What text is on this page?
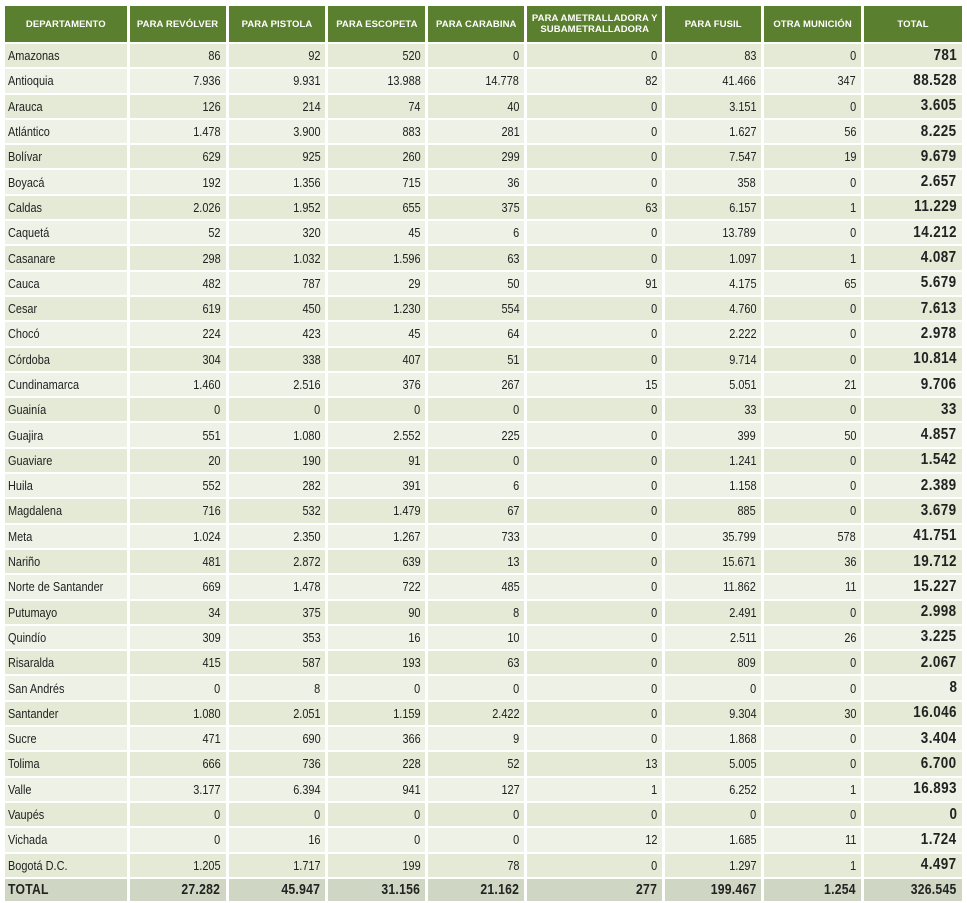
DEPARTAMENTO	PARA REVÓLVER	PARA PISTOLA	PARA ESCOPETA	PARA CARABINA	PARA AMETRALLADORA Y SUBAMETRALLADORA	PARA FUSIL	OTRA MUNICIÓN	TOTAL
Amazonas	86	92	520	0	0	83	0	781
Antioquia	7.936	9.931	13.988	14.778	82	41.466	347	88.528
Arauca	126	214	74	40	0	3.151	0	3.605
Atlántico	1.478	3.900	883	281	0	1.627	56	8.225
Bolívar	629	925	260	299	0	7.547	19	9.679
Boyacá	192	1.356	715	36	0	358	0	2.657
Caldas	2.026	1.952	655	375	63	6.157	1	11.229
Caquetá	52	320	45	6	0	13.789	0	14.212
Casanare	298	1.032	1.596	63	0	1.097	1	4.087
Cauca	482	787	29	50	91	4.175	65	5.679
Cesar	619	450	1.230	554	0	4.760	0	7.613
Chocó	224	423	45	64	0	2.222	0	2.978
Córdoba	304	338	407	51	0	9.714	0	10.814
Cundinamarca	1.460	2.516	376	267	15	5.051	21	9.706
Guainía	0	0	0	0	0	33	0	33
Guajira	551	1.080	2.552	225	0	399	50	4.857
Guaviare	20	190	91	0	0	1.241	0	1.542
Huila	552	282	391	6	0	1.158	0	2.389
Magdalena	716	532	1.479	67	0	885	0	3.679
Meta	1.024	2.350	1.267	733	0	35.799	578	41.751
Nariño	481	2.872	639	13	0	15.671	36	19.712
Norte de Santander	669	1.478	722	485	0	11.862	11	15.227
Putumayo	34	375	90	8	0	2.491	0	2.998
Quindío	309	353	16	10	0	2.511	26	3.225
Risaralda	415	587	193	63	0	809	0	2.067
San Andrés	0	8	0	0	0	0	0	8
Santander	1.080	2.051	1.159	2.422	0	9.304	30	16.046
Sucre	471	690	366	9	0	1.868	0	3.404
Tolima	666	736	228	52	13	5.005	0	6.700
Valle	3.177	6.394	941	127	1	6.252	1	16.893
Vaupés	0	0	0	0	0	0	0	0
Vichada	0	16	0	0	12	1.685	11	1.724
Bogotá D.C.	1.205	1.717	199	78	0	1.297	1	4.497
TOTAL	27.282	45.947	31.156	21.162	277	199.467	1.254	326.545
